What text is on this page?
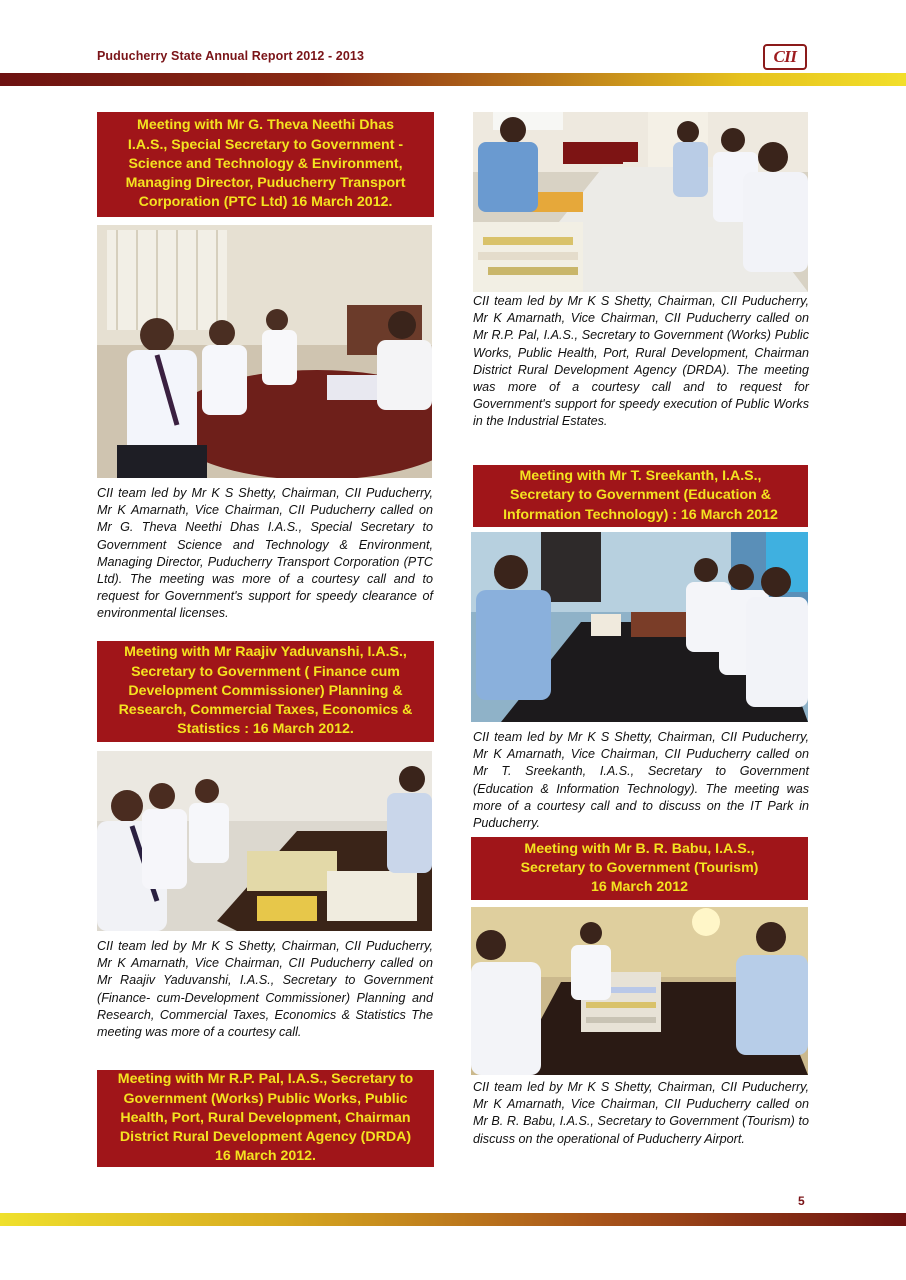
Puducherry State Annual Report 2012 - 2013	CII
Meeting with Mr G. Theva Neethi Dhas
I.A.S., Special Secretary to Government -
Science and Technology & Environment,
Managing Director, Puducherry Transport
Corporation (PTC Ltd) 16 March 2012.
CII team led by Mr K S Shetty, Chairman, CII Puducherry, Mr K Amarnath, Vice Chairman, CII Puducherry called on Mr G. Theva Neethi Dhas I.A.S., Special Secretary to Government Science and Technology & Environment, Managing Director, Puducherry Transport Corporation (PTC Ltd). The meeting was more of a courtesy call and to request for Government's support for speedy clearance of environmental licenses.
Meeting with Mr Raajiv Yaduvanshi, I.A.S.,
Secretary to Government ( Finance cum
Development Commissioner) Planning &
Research, Commercial Taxes, Economics &
Statistics : 16 March 2012.
CII team led by Mr K S Shetty, Chairman, CII Puducherry, Mr K Amarnath, Vice Chairman, CII Puducherry called on Mr Raajiv Yaduvanshi, I.A.S., Secretary to Government (Finance- cum-Development Commissioner) Planning and Research, Commercial Taxes, Economics & Statistics The meeting was more of a courtesy call.
Meeting with Mr R.P. Pal, I.A.S., Secretary to
Government (Works) Public Works, Public
Health, Port, Rural Development, Chairman
District Rural Development Agency (DRDA)
16 March 2012.
CII team led by Mr K S Shetty, Chairman, CII Puducherry, Mr K Amarnath, Vice Chairman, CII Puducherry called on Mr R.P. Pal, I.A.S., Secretary to Government (Works) Public Works, Public Health, Port, Rural Development, Chairman District Rural Development Agency (DRDA). The meeting was more of a courtesy call and to request for Government's support for speedy execution of Public Works in the Industrial Estates.
Meeting with Mr T. Sreekanth, I.A.S.,
Secretary to Government (Education &
Information Technology) : 16 March 2012
CII team led by Mr K S Shetty, Chairman, CII Puducherry, Mr K Amarnath, Vice Chairman, CII Puducherry called on Mr T. Sreekanth, I.A.S., Secretary to Government (Education & Information Technology). The meeting was more of a courtesy call and to discuss on the IT Park in Puducherry.
Meeting with Mr B. R. Babu, I.A.S.,
Secretary to Government (Tourism)
16 March 2012
CII team led by Mr K S Shetty, Chairman, CII Puducherry, Mr K Amarnath, Vice Chairman, CII Puducherry called on Mr B. R. Babu, I.A.S., Secretary to Government (Tourism) to discuss on the operational of Puducherry Airport.
5
